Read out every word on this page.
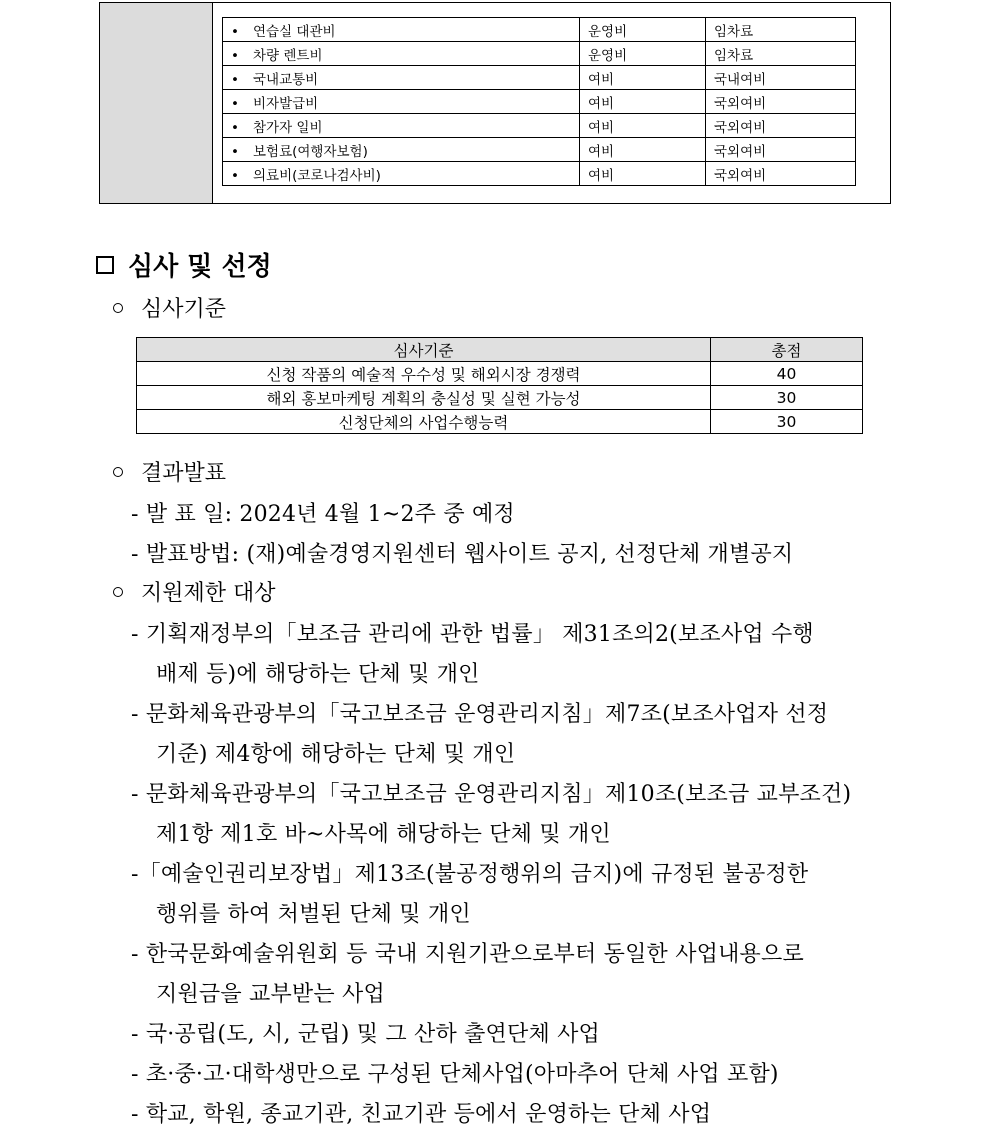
• 연습실 대관비	운영비	임차료
• 차량 렌트비	운영비	임차료
• 국내교통비	여비	국내여비
• 비자발급비	여비	국외여비
• 참가자 일비	여비	국외여비
• 보험료(여행자보험)	여비	국외여비
• 의료비(코로나검사비)	여비	국외여비
심사 및 선정
심사기준
심사기준	총점
신청 작품의 예술적 우수성 및 해외시장 경쟁력	40
해외 홍보마케팅 계획의 충실성 및 실현 가능성	30
신청단체의 사업수행능력	30
결과발표
- 발 표 일: 2024년 4월 1~2주 중 예정
- 발표방법: (재)예술경영지원센터 웹사이트 공지, 선정단체 개별공지
지원제한 대상
- 기획재정부의「보조금 관리에 관한 법률」 제31조의2(보조사업 수행
배제 등)에 해당하는 단체 및 개인
- 문화체육관광부의「국고보조금 운영관리지침」제7조(보조사업자 선정
기준) 제4항에 해당하는 단체 및 개인
- 문화체육관광부의「국고보조금 운영관리지침」제10조(보조금 교부조건)
제1항 제1호 바~사목에 해당하는 단체 및 개인
-「예술인권리보장법」제13조(불공정행위의 금지)에 규정된 불공정한
행위를 하여 처벌된 단체 및 개인
- 한국문화예술위원회 등 국내 지원기관으로부터 동일한 사업내용으로
지원금을 교부받는 사업
- 국·공립(도, 시, 군립) 및 그 산하 출연단체 사업
- 초·중·고·대학생만으로 구성된 단체사업(아마추어 단체 사업 포함)
- 학교, 학원, 종교기관, 친교기관 등에서 운영하는 단체 사업
